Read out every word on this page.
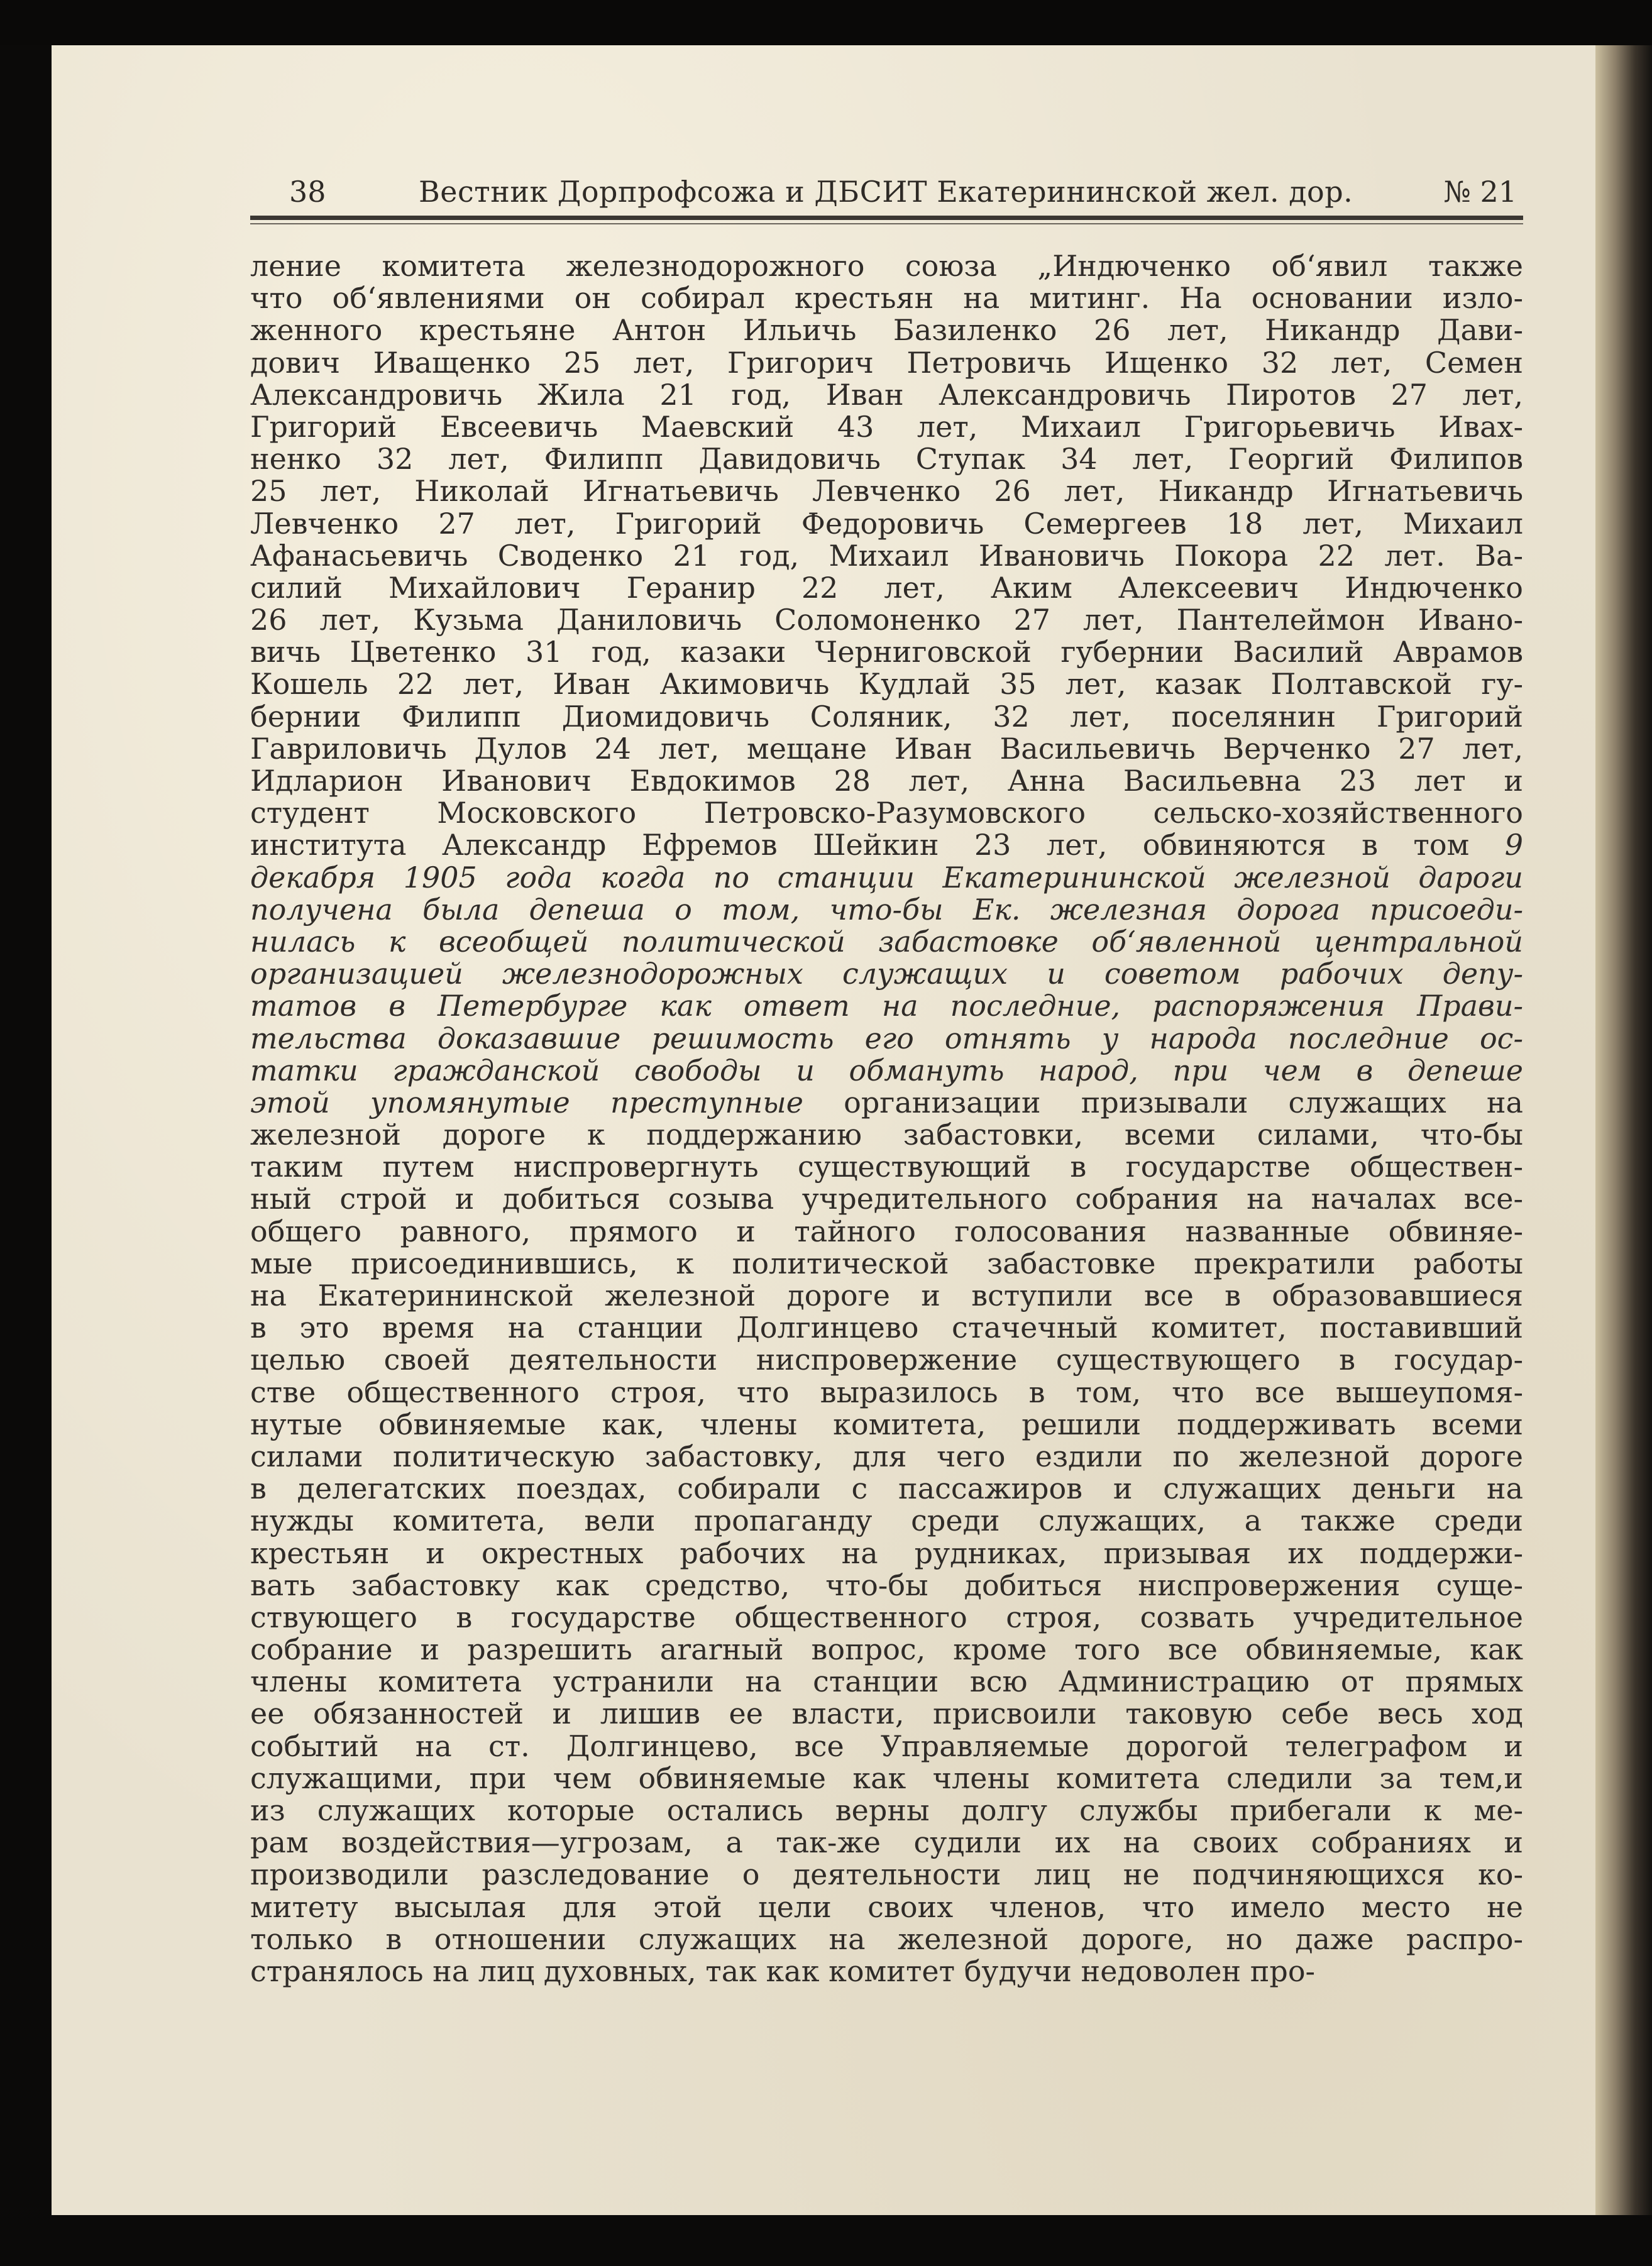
38	Вестник Дорпрофсожа и ДБСИТ Екатерининской жел. дор.	№ 21
ление комитета железнодорожного союза „Индюченко об‘явил также
что об‘явлениями он собирал крестьян на митинг. На основании изло-
женного крестьяне Антон Ильичь Базиленко 26 лет, Никандр Дави-
дович Иващенко 25 лет, Григорич Петровичь Ищенко 32 лет, Семен
Александровичь Жила 21 год, Иван Александровичь Пиротов 27 лет,
Григорий Евсеевичь Маевский 43 лет, Михаил Григорьевичь Ивах-
ненко 32 лет, Филипп Давидовичь Ступак 34 лет, Георгий Филипов
25 лет, Николай Игнатьевичь Левченко 26 лет, Никандр Игнатьевичь
Левченко 27 лет, Григорий Федоровичь Семергеев 18 лет, Михаил
Афанасьевичь Своденко 21 год, Михаил Ивановичь Покора 22 лет. Ва-
силий Михайлович Геранир 22 лет, Аким Алексеевич Индюченко
26 лет, Кузьма Даниловичь Соломоненко 27 лет, Пантелеймон Ивано-
вичь Цветенко 31 год, казаки Черниговской губернии Василий Аврамов
Кошель 22 лет, Иван Акимовичь Кудлай 35 лет, казак Полтавской гу-
бернии Филипп Диомидовичь Соляник, 32 лет, поселянин Григорий
Гавриловичь Дулов 24 лет, мещане Иван Васильевичь Верченко 27 лет,
Идларион Иванович Евдокимов 28 лет, Анна Васильевна 23 лет и
студент Московского Петровско-Разумовского сельско-хозяйственного
института Александр Ефремов Шейкин 23 лет, обвиняются в том 9
декабря 1905 года когда по станции Екатерининской железной дароги
получена была депеша о том, что-бы Ек. железная дорога присоеди-
нилась к всеобщей политической забастовке об‘явленной центральной
организацией железнодорожных служащих и советом рабочих депу-
татов в Петербурге как ответ на последние, распоряжения Прави-
тельства доказавшие решимость его отнять у народа последние ос-
татки гражданской свободы и обмануть народ, при чем в депеше
этой упомянутые преступные организации призывали служащих на
железной дороге к поддержанию забастовки, всеми силами, что-бы
таким путем ниспровергнуть существующий в государстве обществен-
ный строй и добиться созыва учредительного собрания на началах все-
общего равного, прямого и тайного голосования названные обвиняе-
мые присоединившись, к политической забастовке прекратили работы
на Екатерининской железной дороге и вступили все в образовавшиеся
в это время на станции Долгинцево стачечный комитет, поставивший
целью своей деятельности ниспровержение существующего в государ-
стве общественного строя, что выразилось в том, что все вышеупомя-
нутые обвиняемые как, члены комитета, решили поддерживать всеми
силами политическую забастовку, для чего ездили по железной дороге
в делегатских поездах, собирали с пассажиров и служащих деньги на
нужды комитета, вели пропаганду среди служащих, а также среди
крестьян и окрестных рабочих на рудниках, призывая их поддержи-
вать забастовку как средство, что-бы добиться ниспровержения суще-
ствующего в государстве общественного строя, созвать учредительное
собрание и разрешить ararный вопрос, кроме того все обвиняемые, как
члены комитета устранили на станции всю Администрацию от прямых
ее обязанностей и лишив ее власти, присвоили таковую себе весь ход
событий на ст. Долгинцево, все Управляемые дорогой телеграфом и
служащими, при чем обвиняемые как члены комитета следили за тем,и
из служащих которые остались верны долгу службы прибегали к ме-
рам воздействия—угрозам, а так-же судили их на своих собраниях и
производили разследование о деятельности лиц не подчиняющихся ко-
митету высылая для этой цели своих членов, что имело место не
только в отношении служащих на железной дороге, но даже распро-
странялось на лиц духовных, так как комитет будучи недоволен про-
